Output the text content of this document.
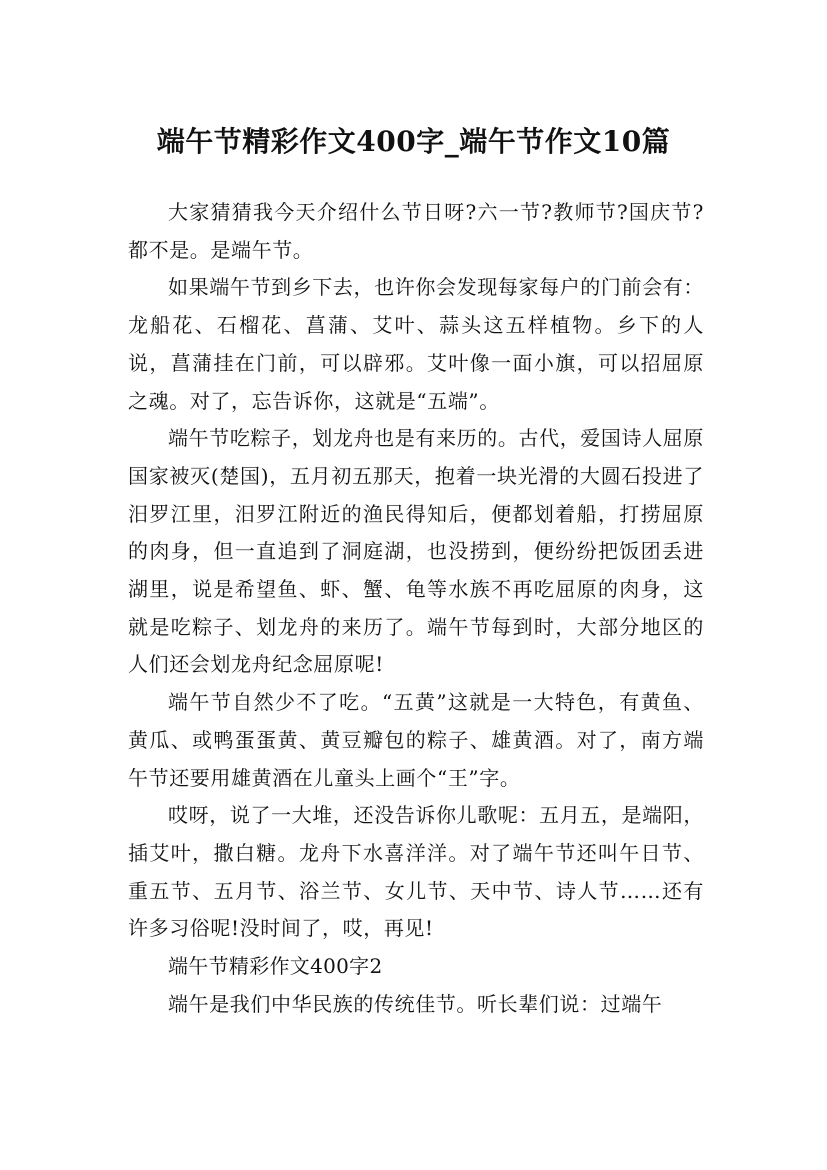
端午节精彩作文400字_端午节作文10篇

大家猜猜我今天介绍什么节日呀?六一节?教师节?国庆节?都不是。是端午节。

如果端午节到乡下去，也许你会发现每家每户的门前会有：龙船花、石榴花、菖蒲、艾叶、蒜头这五样植物。乡下的人说，菖蒲挂在门前，可以辟邪。艾叶像一面小旗，可以招屈原之魂。对了，忘告诉你，这就是“五端”。

端午节吃粽子，划龙舟也是有来历的。古代，爱国诗人屈原国家被灭(楚国)，五月初五那天，抱着一块光滑的大圆石投进了汨罗江里，汨罗江附近的渔民得知后，便都划着船，打捞屈原的肉身，但一直追到了洞庭湖，也没捞到，便纷纷把饭团丢进湖里，说是希望鱼、虾、蟹、龟等水族不再吃屈原的肉身，这就是吃粽子、划龙舟的来历了。端午节每到时，大部分地区的人们还会划龙舟纪念屈原呢!

端午节自然少不了吃。“五黄”这就是一大特色，有黄鱼、黄瓜、或鸭蛋蛋黄、黄豆瓣包的粽子、雄黄酒。对了，南方端午节还要用雄黄酒在儿童头上画个“王”字。

哎呀，说了一大堆，还没告诉你儿歌呢：五月五，是端阳，插艾叶，撒白糖。龙舟下水喜洋洋。对了端午节还叫午日节、重五节、五月节、浴兰节、女儿节、天中节、诗人节……还有许多习俗呢!没时间了，哎，再见!

端午节精彩作文400字2

端午是我们中华民族的传统佳节。听长辈们说：过端午
